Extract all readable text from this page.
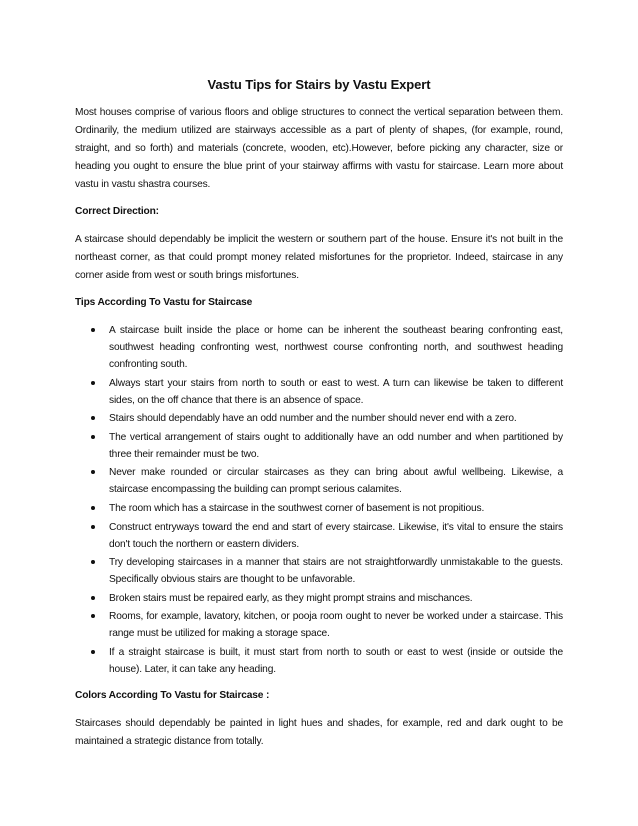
Vastu Tips for Stairs by Vastu Expert

Most houses comprise of various floors and oblige structures to connect the vertical separation between them. Ordinarily, the medium utilized are stairways accessible as a part of plenty of shapes, (for example, round, straight, and so forth) and materials (concrete, wooden, etc).However, before picking any character, size or heading you ought to ensure the blue print of your stairway affirms with vastu for staircase. Learn more about vastu in vastu shastra courses.

Correct Direction:

A staircase should dependably be implicit the western or southern part of the house. Ensure it's not built in the northeast corner, as that could prompt money related misfortunes for the proprietor. Indeed, staircase in any corner aside from west or south brings misfortunes.

Tips According To Vastu for Staircase
A staircase built inside the place or home can be inherent the southeast bearing confronting east, southwest heading confronting west, northwest course confronting north, and southwest heading confronting south.
Always start your stairs from north to south or east to west. A turn can likewise be taken to different sides, on the off chance that there is an absence of space.
Stairs should dependably have an odd number and the number should never end with a zero.
The vertical arrangement of stairs ought to additionally have an odd number and when partitioned by three their remainder must be two.
Never make rounded or circular staircases as they can bring about awful wellbeing. Likewise, a staircase encompassing the building can prompt serious calamites.
The room which has a staircase in the southwest corner of basement is not propitious.
Construct entryways toward the end and start of every staircase. Likewise, it's vital to ensure the stairs don't touch the northern or eastern dividers.
Try developing staircases in a manner that stairs are not straightforwardly unmistakable to the guests. Specifically obvious stairs are thought to be unfavorable.
Broken stairs must be repaired early, as they might prompt strains and mischances.
Rooms, for example, lavatory, kitchen, or pooja room ought to never be worked under a staircase. This range must be utilized for making a storage space.
If a straight staircase is built, it must start from north to south or east to west (inside or outside the house). Later, it can take any heading.
Colors According To Vastu for Staircase :

Staircases should dependably be painted in light hues and shades, for example, red and dark ought to be maintained a strategic distance from totally.
